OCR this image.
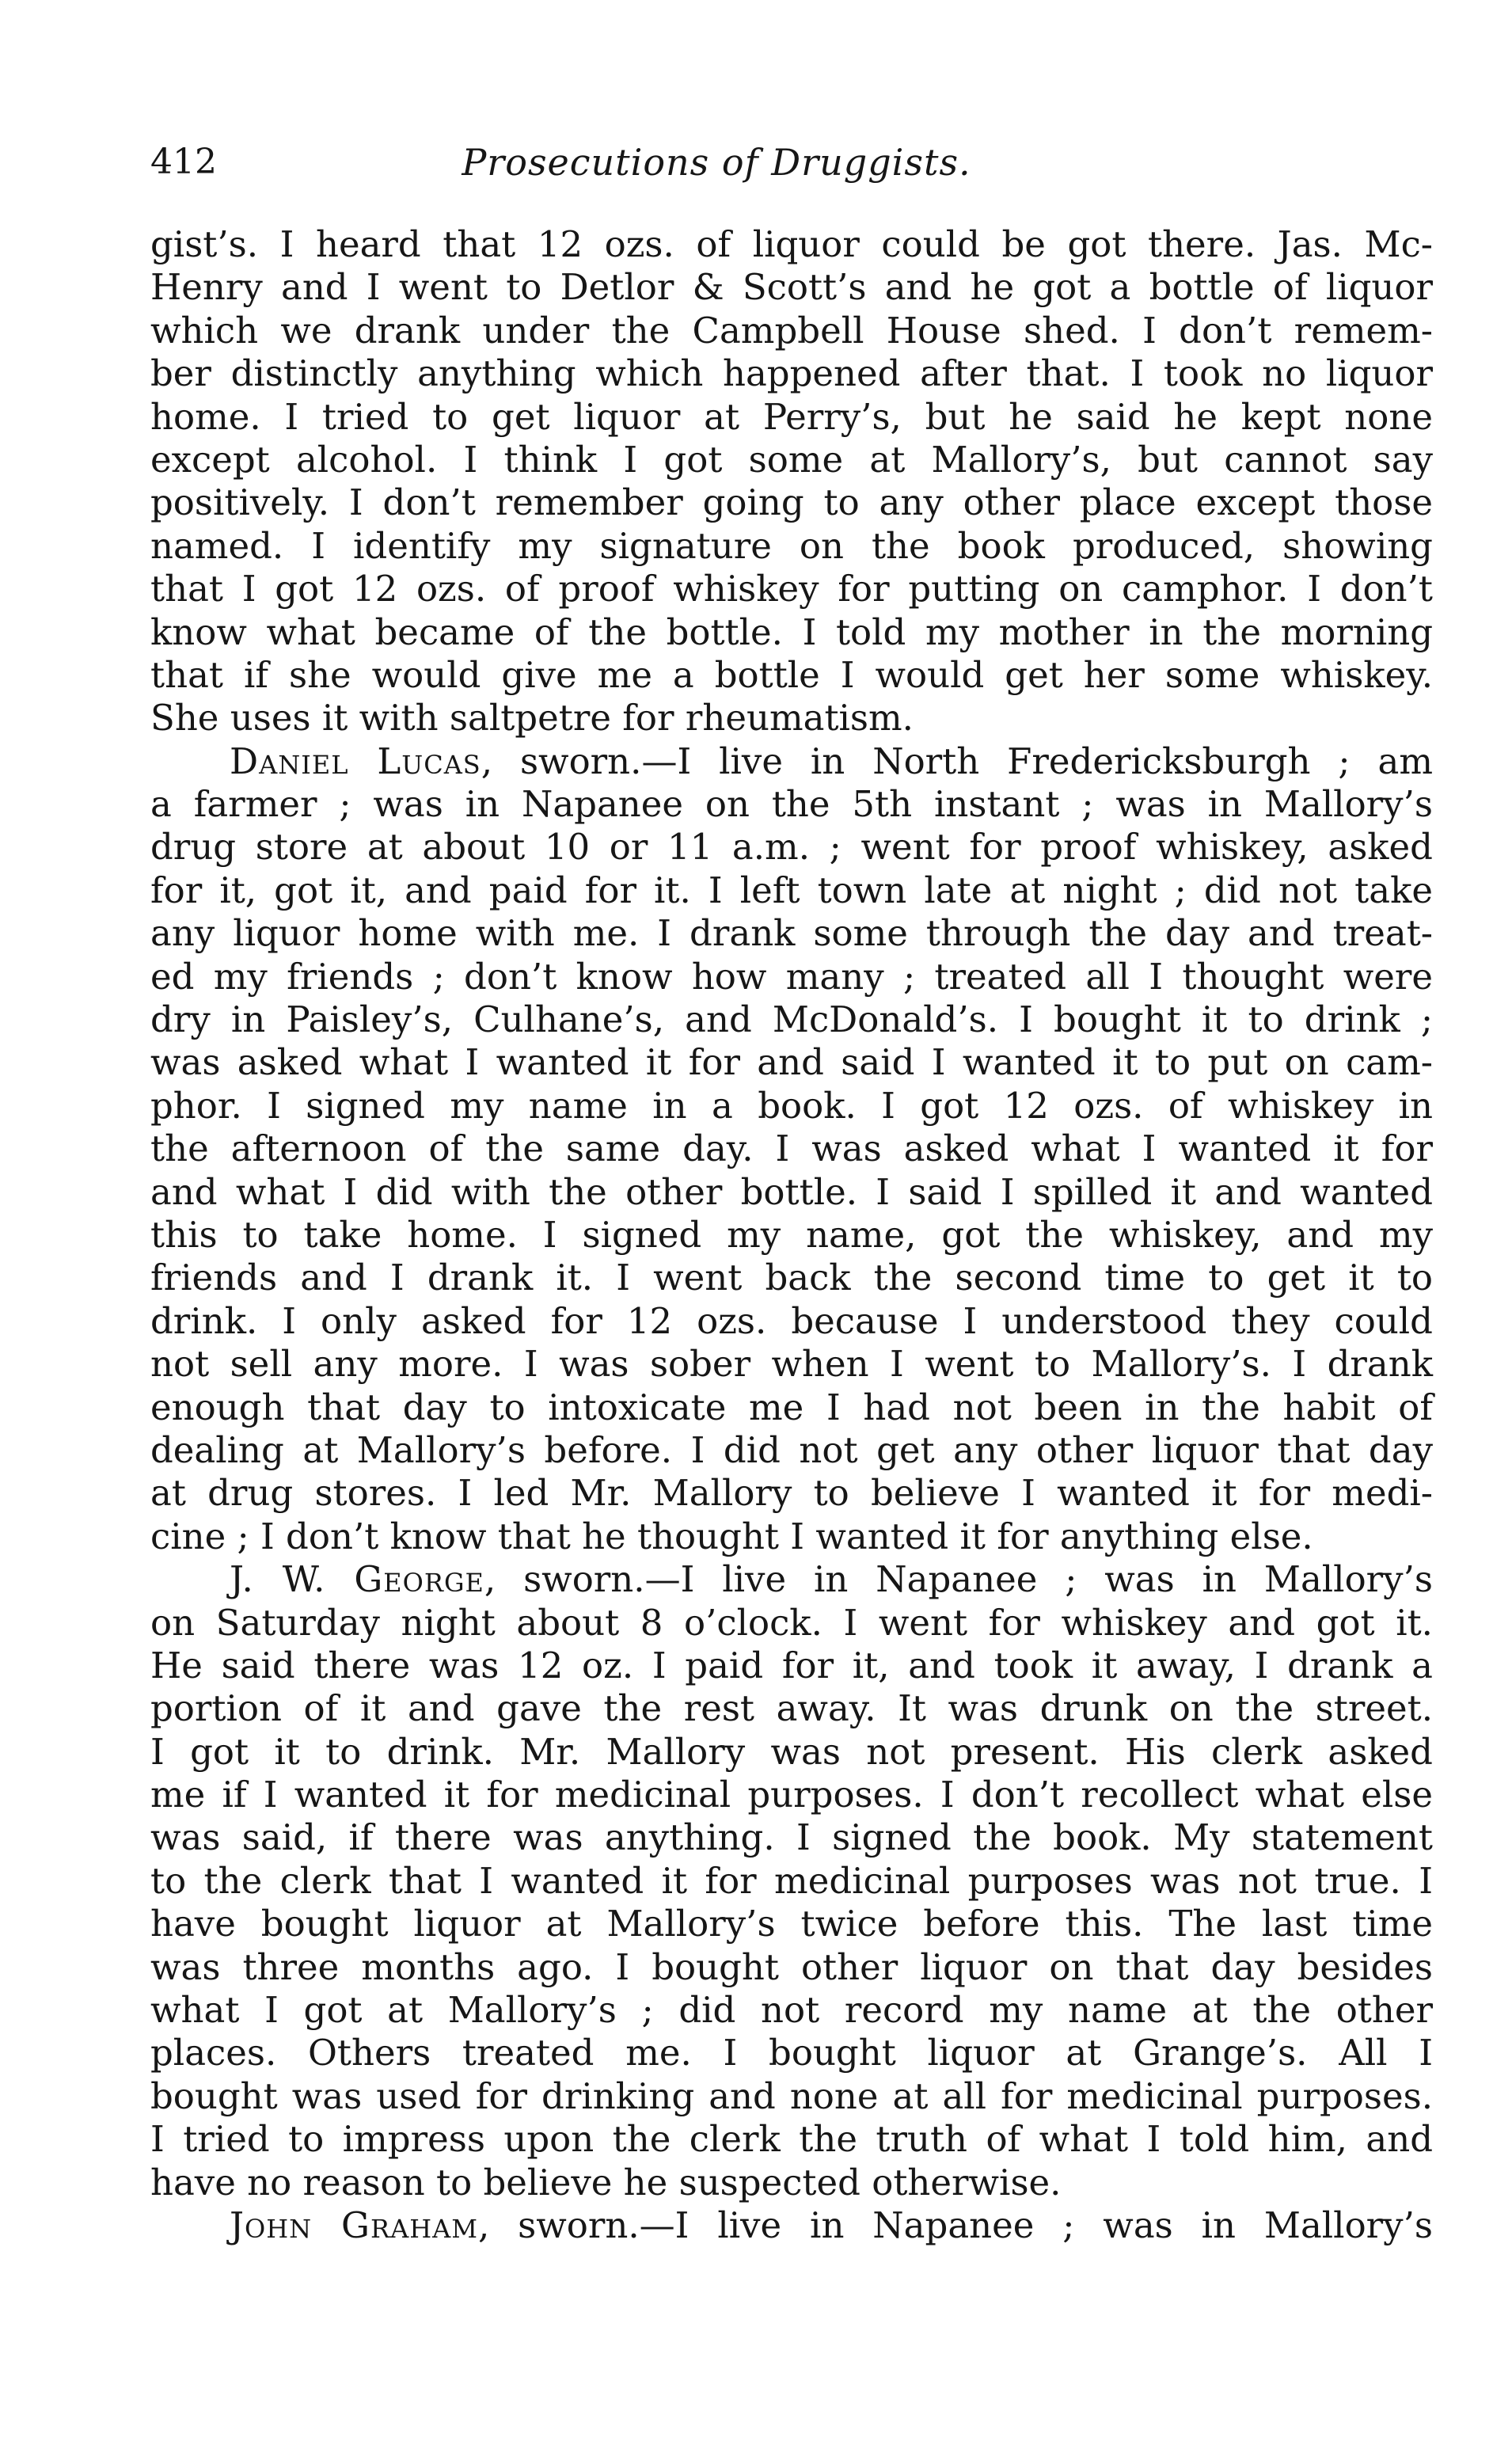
412	Prosecutions of Druggists.
gist’s. I heard that 12 ozs. of liquor could be got there. Jas. Mc-
Henry and I went to Detlor & Scott’s and he got a bottle of liquor
which we drank under the Campbell House shed. I don’t remem-
ber distinctly anything which happened after that. I took no liquor
home. I tried to get liquor at Perry’s, but he said he kept none
except alcohol. I think I got some at Mallory’s, but cannot say
positively. I don’t remember going to any other place except those
named. I identify my signature on the book produced, showing
that I got 12 ozs. of proof whiskey for putting on camphor. I don’t
know what became of the bottle. I told my mother in the morning
that if she would give me a bottle I would get her some whiskey.
She uses it with saltpetre for rheumatism.
Daniel Lucas, sworn.—I live in North Fredericksburgh ; am
a farmer ; was in Napanee on the 5th instant ; was in Mallory’s
drug store at about 10 or 11 a.m. ; went for proof whiskey, asked
for it, got it, and paid for it. I left town late at night ; did not take
any liquor home with me. I drank some through the day and treat-
ed my friends ; don’t know how many ; treated all I thought were
dry in Paisley’s, Culhane’s, and McDonald’s. I bought it to drink ;
was asked what I wanted it for and said I wanted it to put on cam-
phor. I signed my name in a book. I got 12 ozs. of whiskey in
the afternoon of the same day. I was asked what I wanted it for
and what I did with the other bottle. I said I spilled it and wanted
this to take home. I signed my name, got the whiskey, and my
friends and I drank it. I went back the second time to get it to
drink. I only asked for 12 ozs. because I understood they could
not sell any more. I was sober when I went to Mallory’s. I drank
enough that day to intoxicate me I had not been in the habit of
dealing at Mallory’s before. I did not get any other liquor that day
at drug stores. I led Mr. Mallory to believe I wanted it for medi-
cine ; I don’t know that he thought I wanted it for anything else.
J. W. George, sworn.—I live in Napanee ; was in Mallory’s
on Saturday night about 8 o’clock. I went for whiskey and got it.
He said there was 12 oz. I paid for it, and took it away, I drank a
portion of it and gave the rest away. It was drunk on the street.
I got it to drink. Mr. Mallory was not present. His clerk asked
me if I wanted it for medicinal purposes. I don’t recollect what else
was said, if there was anything. I signed the book. My statement
to the clerk that I wanted it for medicinal purposes was not true. I
have bought liquor at Mallory’s twice before this. The last time
was three months ago. I bought other liquor on that day besides
what I got at Mallory’s ; did not record my name at the other
places. Others treated me. I bought liquor at Grange’s. All I
bought was used for drinking and none at all for medicinal purposes.
I tried to impress upon the clerk the truth of what I told him, and
have no reason to believe he suspected otherwise.
John Graham, sworn.—I live in Napanee ; was in Mallory’s
